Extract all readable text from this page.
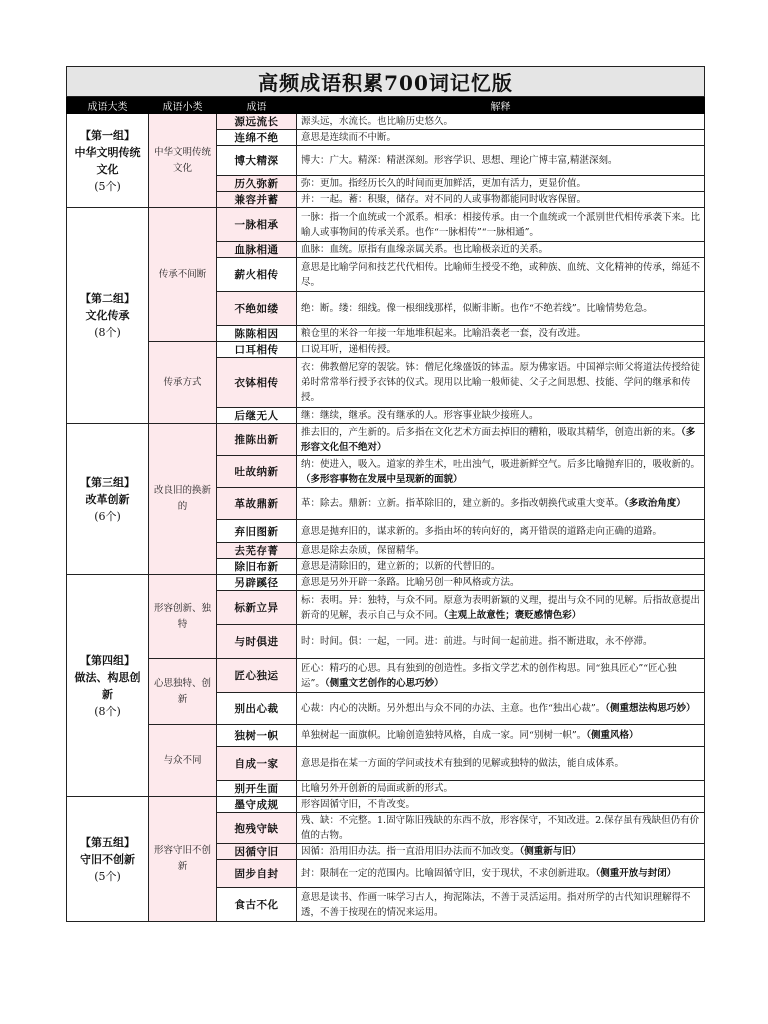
高频成语积累700词记忆版			
成语大类	成语小类	成语	解释

【第一组】
中华文明传统文化
(5个)	中华文明传统文化	源远流长	源头远，水流长。也比喻历史悠久。
		连绵不绝	意思是连续而不中断。
		博大精深	博大：广大。精深：精湛深刻。形容学识、思想、理论广博丰富,精湛深刻。
		历久弥新	弥：更加。指经历长久的时间而更加鲜活，更加有活力，更显价值。
		兼容并蓄	并：一起。蓄：积聚，储存。对不同的人或事物都能同时收容保留。

【第二组】
文化传承
(8个)	传承不间断	一脉相承	一脉：指一个血统或一个派系。相承：相接传承。由一个血统或一个派别世代相传承袭下来。比喻人或事物间的传承关系。也作“一脉相传”“一脉相通”。
		血脉相通	血脉：血统。原指有血缘亲属关系。也比喻极亲近的关系。
		薪火相传	意思是比喻学问和技艺代代相传。比喻师生授受不绝，或种族、血统、文化精神的传承，绵延不尽。
		不绝如缕	绝：断。缕：细线。像一根细线那样，似断非断。也作“不绝若线”。比喻情势危急。
		陈陈相因	粮仓里的米谷一年接一年地堆积起来。比喻沿袭老一套，没有改进。
	传承方式	口耳相传	口说耳听，递相传授。
		衣钵相传	衣：佛教僧尼穿的袈裟。钵：僧尼化缘盛饭的钵盂。原为佛家语。中国禅宗师父将道法传授给徒弟时常常举行授予衣钵的仪式。现用以比喻一般师徒、父子之间思想、技能、学问的继承和传授。
		后继无人	继：继续，继承。没有继承的人。形容事业缺少接班人。

【第三组】
改革创新
(6个)	改良旧的换新的	推陈出新	推去旧的，产生新的。后多指在文化艺术方面去掉旧的糟粕，吸取其精华，创造出新的来。（多形容文化但不绝对）
		吐故纳新	纳：使进入，吸入。道家的养生术，吐出浊气，吸进新鲜空气。后多比喻抛弃旧的，吸收新的。（多形容事物在发展中呈现新的面貌）
		革故鼎新	革：除去。鼎新：立新。指革除旧的，建立新的。多指改朝换代或重大变革。（多政治角度）
		弃旧图新	意思是抛弃旧的，谋求新的。多指由坏的转向好的，离开错误的道路走向正确的道路。
		去芜存菁	意思是除去杂质，保留精华。
		除旧布新	意思是清除旧的，建立新的；以新的代替旧的。

【第四组】
做法、构思创新
(8个)	形容创新、独特	另辟蹊径	意思是另外开辟一条路。比喻另创一种风格或方法。
		标新立异	标：表明。异：独特，与众不同。原意为表明新颖的义理，提出与众不同的见解。后指故意提出新奇的见解，表示自己与众不同。（主观上故意性；褒贬感情色彩）
		与时俱进	时：时间。俱：一起，一同。进：前进。与时间一起前进。指不断进取，永不停滞。
	心思独特、创新	匠心独运	匠心：精巧的心思。具有独到的创造性。多指文学艺术的创作构思。同“独具匠心”“匠心独运”。（侧重文艺创作的心思巧妙）
		别出心裁	心裁：内心的决断。另外想出与众不同的办法、主意。也作“独出心裁”。（侧重想法构思巧妙）
	与众不同	独树一帜	单独树起一面旗帜。比喻创造独特风格，自成一家。同“别树一帜”。（侧重风格）
		自成一家	意思是指在某一方面的学问或技术有独到的见解或独特的做法，能自成体系。
		别开生面	比喻另外开创新的局面或新的形式。

【第五组】
守旧不创新
(5个)	形容守旧不创新	墨守成规	形容固循守旧，不肯改变。
		抱残守缺	残、缺：不完整。1.固守陈旧残缺的东西不放，形容保守，不知改进。2.保存虽有残缺但仍有价值的古物。
		因循守旧	因循：沿用旧办法。指一直沿用旧办法而不加改变。（侧重新与旧）
		固步自封	封：限制在一定的范围内。比喻固循守旧，安于现状，不求创新进取。（侧重开放与封闭）
		食古不化	意思是读书、作画一味学习古人，拘泥陈法，不善于灵活运用。指对所学的古代知识理解得不透，不善于按现在的情况来运用。
